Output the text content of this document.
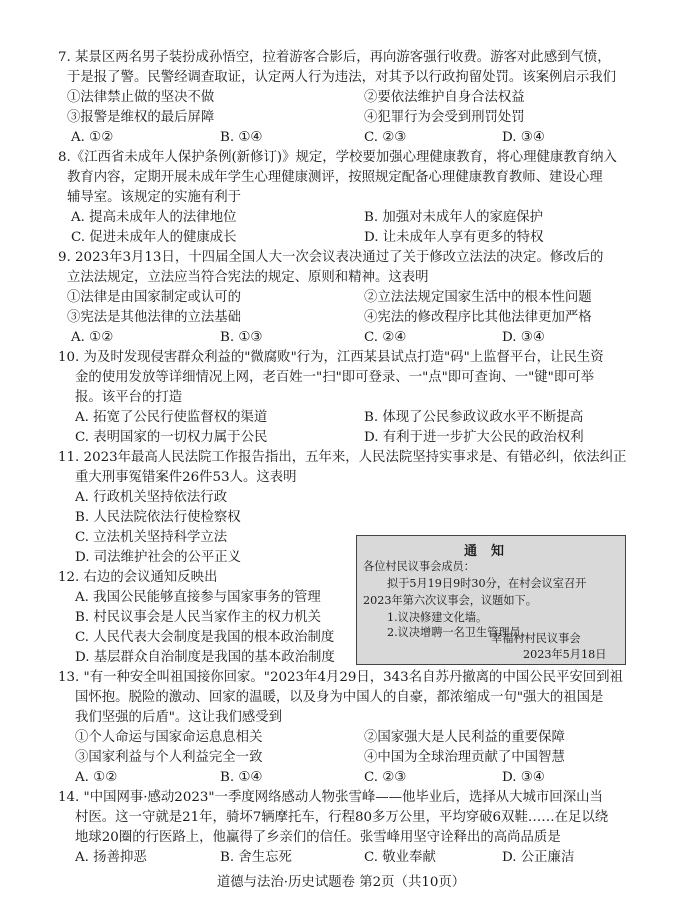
7. 某景区两名男子装扮成孙悟空，拉着游客合影后，再向游客强行收费。游客对此感到气愤，
于是报了警。民警经调查取证，认定两人行为违法，对其予以行政拘留处罚。该案例启示我们
①法律禁止做的坚决不做	②要依法维护自身合法权益
③报警是维权的最后屏障	④犯罪行为会受到刑罚处罚
A. ①②	B. ①④	C. ②③	D. ③④
8.《江西省未成年人保护条例(新修订)》规定，学校要加强心理健康教育，将心理健康教育纳入
教育内容，定期开展未成年学生心理健康测评，按照规定配备心理健康教育教师、建设心理
辅导室。该规定的实施有利于
A. 提高未成年人的法律地位	B. 加强对未成年人的家庭保护
C. 促进未成年人的健康成长	D. 让未成年人享有更多的特权
9. 2023年3月13日，十四届全国人大一次会议表决通过了关于修改立法法的决定。修改后的
立法法规定，立法应当符合宪法的规定、原则和精神。这表明
①法律是由国家制定或认可的	②立法法规定国家生活中的根本性问题
③宪法是其他法律的立法基础	④宪法的修改程序比其他法律更加严格
A. ①②	B. ①③	C. ②④	D. ③④
10. 为及时发现侵害群众利益的"微腐败"行为，江西某县试点打造"码"上监督平台，让民生资
金的使用发放等详细情况上网，老百姓一"扫"即可登录、一"点"即可查询、一"键"即可举
报。该平台的打造
A. 拓宽了公民行使监督权的渠道	B. 体现了公民参政议政水平不断提高
C. 表明国家的一切权力属于公民	D. 有利于进一步扩大公民的政治权利
11. 2023年最高人民法院工作报告指出，五年来，人民法院坚持实事求是、有错必纠，依法纠正
重大刑事冤错案件26件53人。这表明
A. 行政机关坚持依法行政
B. 人民法院依法行使检察权
C. 立法机关坚持科学立法
D. 司法维护社会的公平正义
12. 右边的会议通知反映出
A. 我国公民能够直接参与国家事务的管理
B. 村民议事会是人民当家作主的权力机关
C. 人民代表大会制度是我国的根本政治制度
D. 基层群众自治制度是我国的基本政治制度
通知
各位村民议事会成员：
拟于5月19日9时30分，在村会议室召开
2023年第六次议事会，议题如下。
1.议决修建文化墙。
2.议决增聘一名卫生管理员。
幸福村村民议事会
2023年5月18日
13. "有一种安全叫祖国接你回家。"2023年4月29日，343名自苏丹撤离的中国公民平安回到祖
国怀抱。脱险的激动、回家的温暖，以及身为中国人的自豪，都浓缩成一句"强大的祖国是
我们坚强的后盾"。这让我们感受到
①个人命运与国家命运息息相关	②国家强大是人民利益的重要保障
③国家利益与个人利益完全一致	④中国为全球治理贡献了中国智慧
A. ①②	B. ①④	C. ②③	D. ③④
14. "中国网事·感动2023"一季度网络感动人物张雪峰——他毕业后，选择从大城市回深山当
村医。这一守就是21年，骑坏7辆摩托车，行程80多万公里，平均穿破6双鞋……在足以绕
地球20圈的行医路上，他赢得了乡亲们的信任。张雪峰用坚守诠释出的高尚品质是
A. 扬善抑恶	B. 舍生忘死	C. 敬业奉献	D. 公正廉洁
道德与法治·历史试题卷 第2页（共10页）
